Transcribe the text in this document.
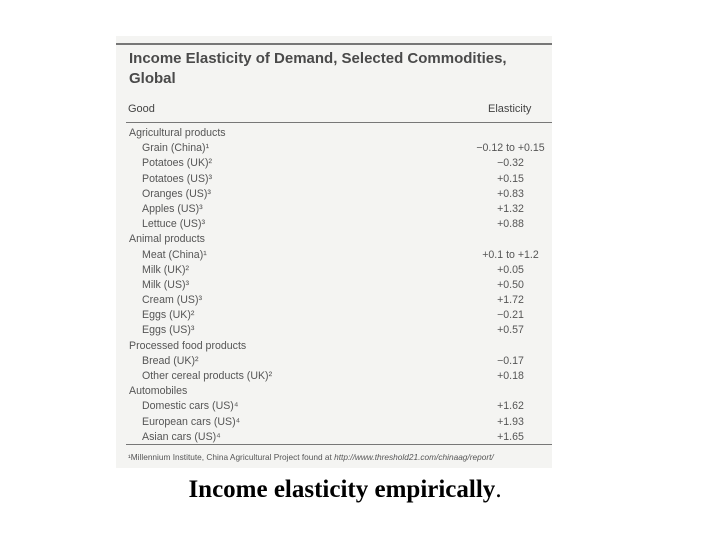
Income Elasticity of Demand, Selected Commodities,
Global
Good	Elasticity
Agricultural products
Grain (China)¹	−0.12 to +0.15
Potatoes (UK)²	−0.32
Potatoes (US)³	+0.15
Oranges (US)³	+0.83
Apples (US)³	+1.32
Lettuce (US)³	+0.88
Animal products
Meat (China)¹	+0.1 to +1.2
Milk (UK)²	+0.05
Milk (US)³	+0.50
Cream (US)³	+1.72
Eggs (UK)²	−0.21
Eggs (US)³	+0.57
Processed food products
Bread (UK)²	−0.17
Other cereal products (UK)²	+0.18
Automobiles
Domestic cars (US)⁴	+1.62
European cars (US)⁴	+1.93
Asian cars (US)⁴	+1.65
¹Millennium Institute, China Agricultural Project found at http://www.threshold21.com/chinaag/report/
Income elasticity empirically.
